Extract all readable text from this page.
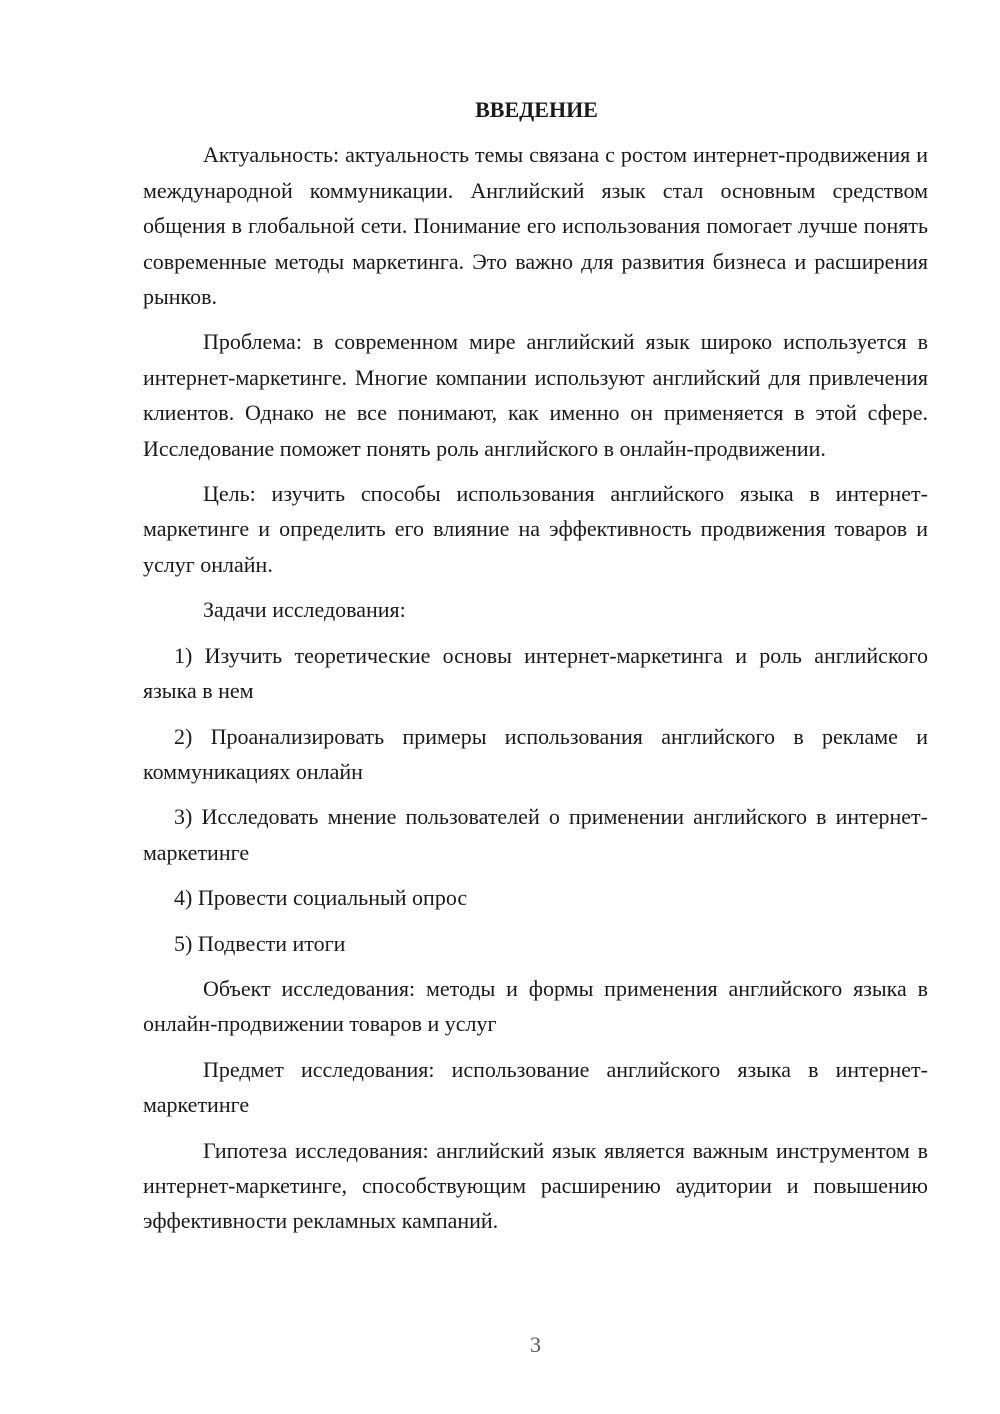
ВВЕДЕНИЕ

Актуальность: актуальность темы связана с ростом интернет-продвижения и международной коммуникации. Английский язык стал основным средством общения в глобальной сети. Понимание его использования помогает лучше понять современные методы маркетинга. Это важно для развития бизнеса и расширения рынков.

Проблема: в современном мире английский язык широко используется в интернет-маркетинге. Многие компании используют английский для привлечения клиентов. Однако не все понимают, как именно он применяется в этой сфере. Исследование поможет понять роль английского в онлайн-продвижении.

Цель: изучить способы использования английского языка в интернет-маркетинге и определить его влияние на эффективность продвижения товаров и услуг онлайн.

Задачи исследования:

1) Изучить теоретические основы интернет-маркетинга и роль английского языка в нем

2) Проанализировать примеры использования английского в рекламе и коммуникациях онлайн

3) Исследовать мнение пользователей о применении английского в интернет-маркетинге

4) Провести социальный опрос

5) Подвести итоги

Объект исследования: методы и формы применения английского языка в онлайн-продвижении товаров и услуг

Предмет исследования: использование английского языка в интернет-маркетинге

Гипотеза исследования: английский язык является важным инструментом в интернет-маркетинге, способствующим расширению аудитории и повышению эффективности рекламных кампаний.

3
